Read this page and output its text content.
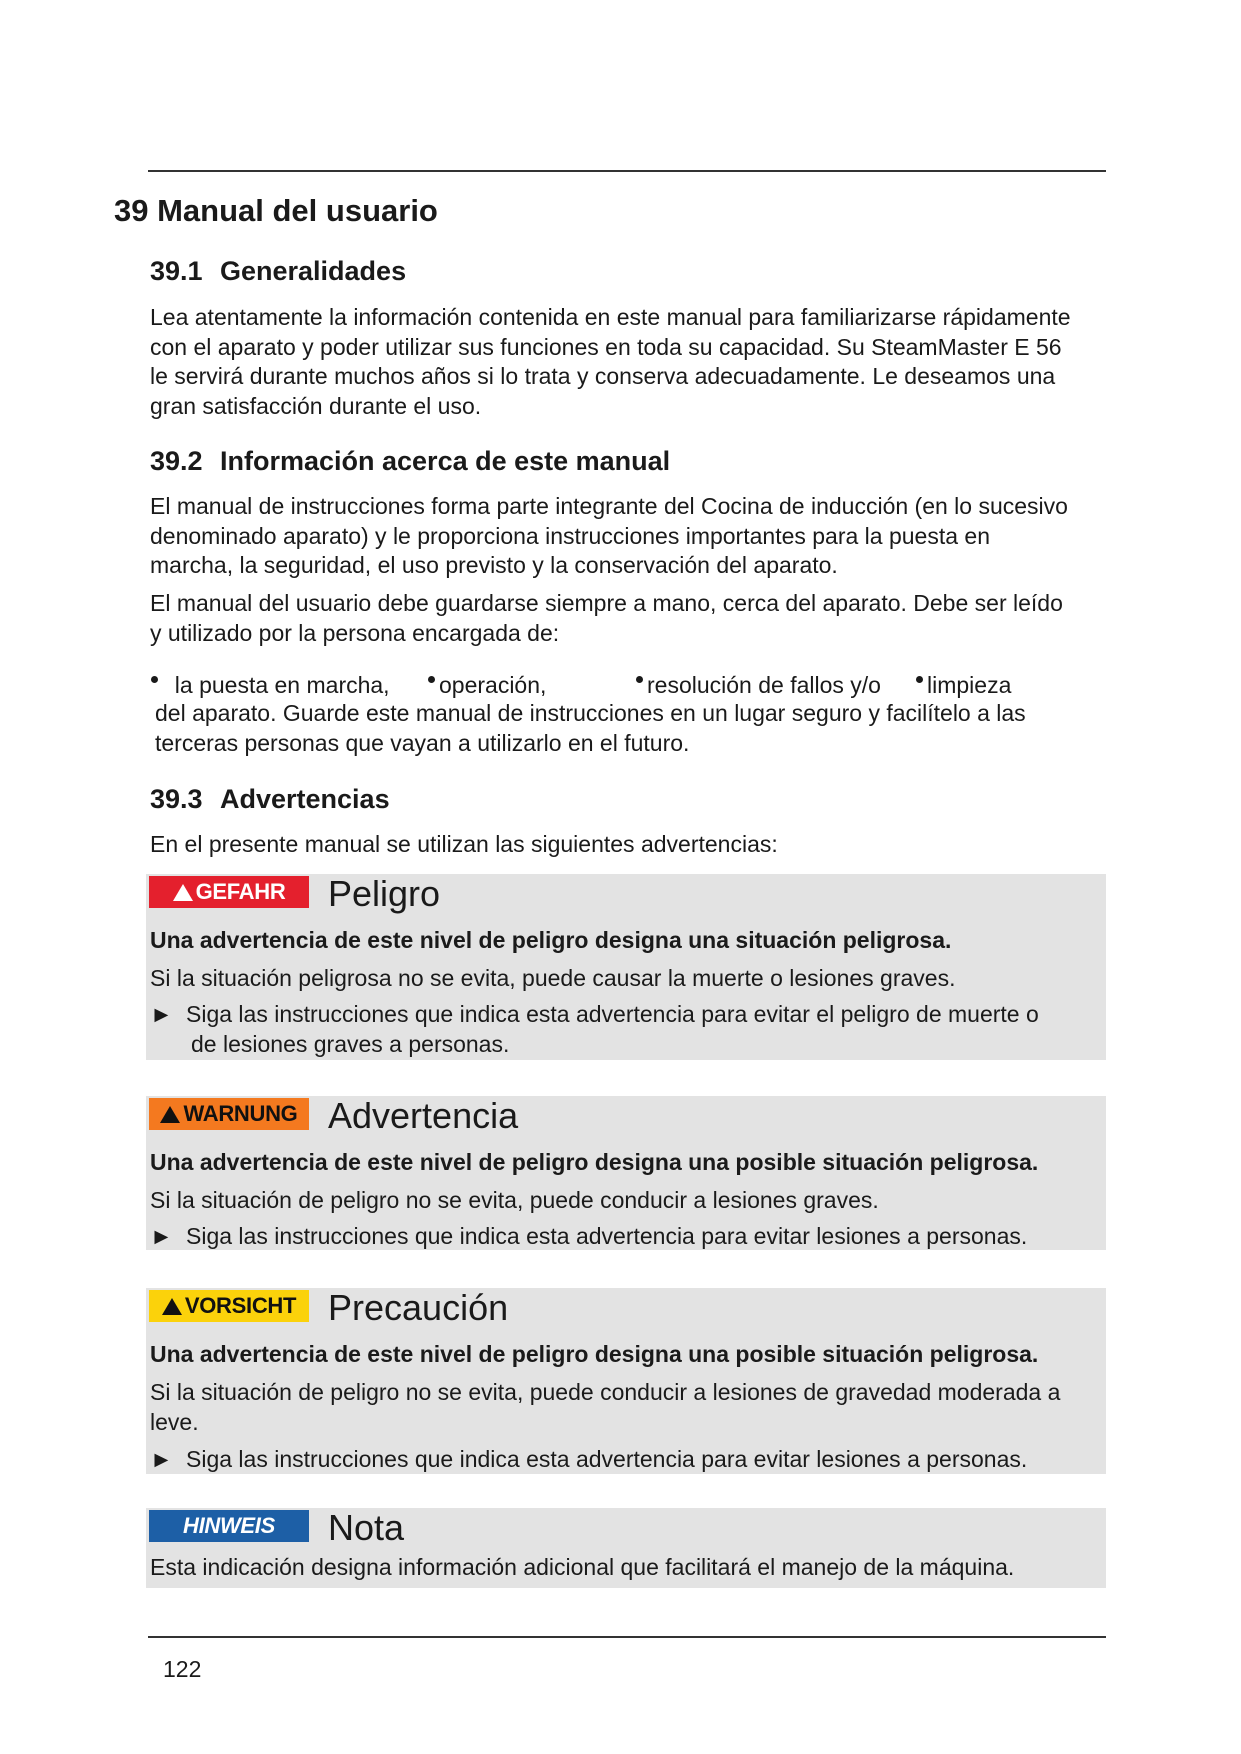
39 Manual del usuario
39.1 Generalidades
Lea atentamente la información contenida en este manual para familiarizarse rápidamente
con el aparato y poder utilizar sus funciones en toda su capacidad. Su SteamMaster E 56
le servirá durante muchos años si lo trata y conserva adecuadamente. Le deseamos una
gran satisfacción durante el uso.
39.2 Información acerca de este manual
El manual de instrucciones forma parte integrante del Cocina de inducción (en lo sucesivo
denominado aparato) y le proporciona instrucciones importantes para la puesta en
marcha, la seguridad, el uso previsto y la conservación del aparato.
El manual del usuario debe guardarse siempre a mano, cerca del aparato. Debe ser leído
y utilizado por la persona encargada de:
la puesta en marcha,	operación,	resolución de fallos y/o	limpieza
del aparato. Guarde este manual de instrucciones en un lugar seguro y facilítelo a las
terceras personas que vayan a utilizarlo en el futuro.
39.3 Advertencias
En el presente manual se utilizan las siguientes advertencias:
GEFAHR Peligro
Una advertencia de este nivel de peligro designa una situación peligrosa.
Si la situación peligrosa no se evita, puede causar la muerte o lesiones graves.
► Siga las instrucciones que indica esta advertencia para evitar el peligro de muerte o
de lesiones graves a personas.
WARNUNG Advertencia
Una advertencia de este nivel de peligro designa una posible situación peligrosa.
Si la situación de peligro no se evita, puede conducir a lesiones graves.
► Siga las instrucciones que indica esta advertencia para evitar lesiones a personas.
VORSICHT Precaución
Una advertencia de este nivel de peligro designa una posible situación peligrosa.
Si la situación de peligro no se evita, puede conducir a lesiones de gravedad moderada a
leve.
► Siga las instrucciones que indica esta advertencia para evitar lesiones a personas.
HINWEIS	Nota
Esta indicación designa información adicional que facilitará el manejo de la máquina.
122
